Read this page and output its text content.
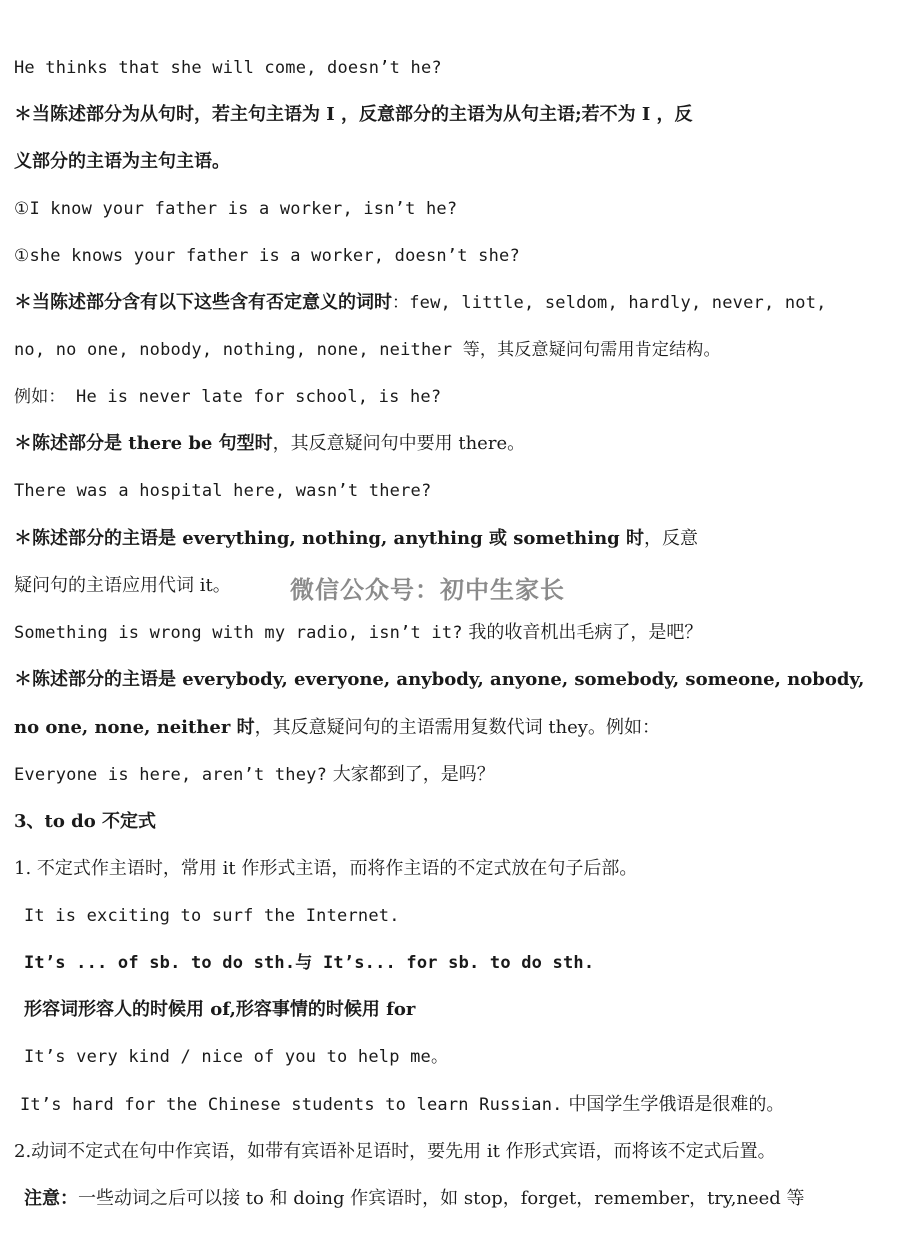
He thinks that she will come, doesn’t he?
＊当陈述部分为从句时，若主句主语为 I ，反意部分的主语为从句主语;若不为 I ，反
义部分的主语为主句主语。
①I know your father is a worker, isn’t he?
①she knows your father is a worker, doesn’t she?
＊当陈述部分含有以下这些含有否定意义的词时：few, little, seldom, hardly, never, not,
no, no one, nobody, nothing, none, neither 等，其反意疑问句需用肯定结构。
例如： He is never late for school, is he?
＊陈述部分是 there be 句型时，其反意疑问句中要用 there。
There was a hospital here, wasn’t there?
＊陈述部分的主语是 everything, nothing, anything 或 something 时，反意
疑问句的主语应用代词 it。 微信公众号：初中生家长
Something is wrong with my radio, isn’t it? 我的收音机出毛病了，是吧？
＊陈述部分的主语是 everybody, everyone, anybody, anyone, somebody, someone, nobody,
no one, none, neither 时，其反意疑问句的主语需用复数代词 they。例如：
Everyone is here, aren’t they? 大家都到了，是吗？
3、to do 不定式
1. 不定式作主语时，常用 it 作形式主语，而将作主语的不定式放在句子后部。
It is exciting to surf the Internet.
It’s ... of sb. to do sth.与 It’s... for sb. to do sth.
形容词形容人的时候用 of,形容事情的时候用 for
It’s very kind / nice of you to help me。
It’s hard for the Chinese students to learn Russian. 中国学生学俄语是很难的。
2.动词不定式在句中作宾语，如带有宾语补足语时，要先用 it 作形式宾语，而将该不定式后置。
注意：一些动词之后可以接 to 和 doing 作宾语时，如 stop，forget，remember，try,need 等
